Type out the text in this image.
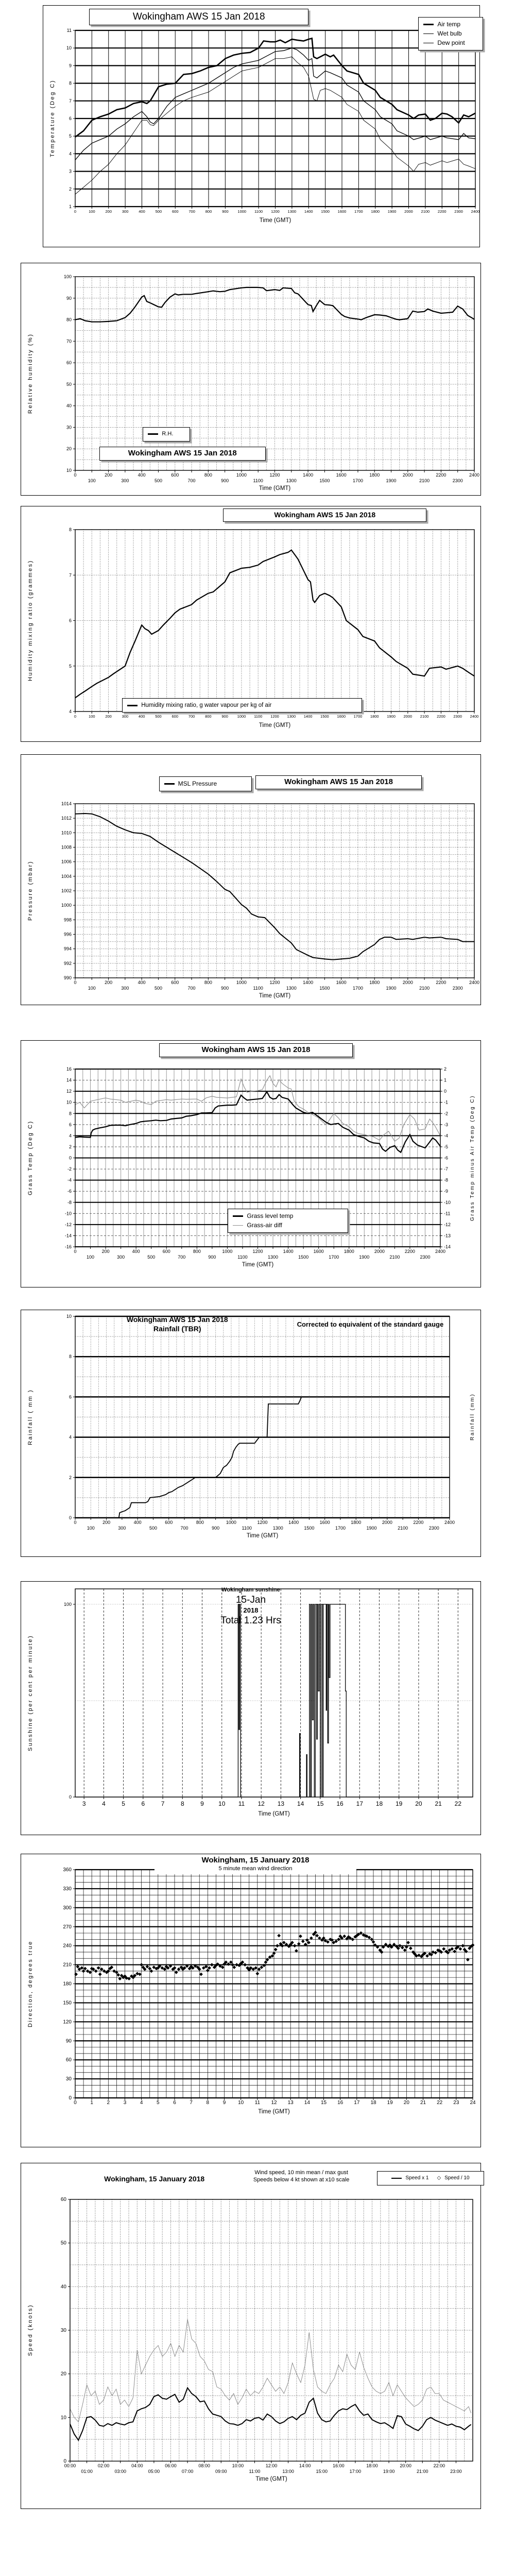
0	100	200	300	400	500	600	700	800	900 1000 1100 1200 1300 1400 1500 1600 1700 1800 1900 2000 2100 2200 2300 2400
1
2
3
4
5
6
7
8
9
10
11
Time (GMT)
Temperature (Deg C)
Wokingham AWS 15 Jan 2018
Air temp
Wet bulb
Dew point
0
100
200
300
400
500
600
700
800
900
1000
1100
1200
1300
1400
1500
1600
1700
1800
1900
2000
2100
2200
2300
2400
10
20
30
40
50
60
70
80
90
100
Time (GMT)
Relative humidity (%)
R.H.
Wokingham AWS 15 Jan 2018
0	100	200	300	400	500	600	700	800	900 1000 1100 1200 1300 1400 1500 1600 1700 1800 1900 2000 2100 2200 2300 2400
4
5
6
7
8
Time (GMT)
Humidity mixing ratio (grammes)
Wokingham AWS 15 Jan 2018
Humidity mixing ratio, g water vapour per kg of air
0
100
200
300
400
500
600
700
800
900
1000
1100
1200
1300
1400
1500
1600
1700
1800
1900
2000
2100
2200
2300
2400
990
992
994
996
998
1000
1002
1004
1006
1008
1010
1012
1014
Time (GMT)
Pressure (mbar)
MSL Pressure	Wokingham AWS 15 Jan 2018
0
100
200
300
400
500
600
700
800
900
1000
1100
1200
1300
1400
1500
1600
1700
1800
1900
2000
2100
2200
2300
2400
-16
-14
-12
-10
-8
-6
-4
-2
0
2
4
6
8
10
12
14
16
-14
-13
-12
-11
-10
-9
-8
-7
-6
-5
-4
-3
-2
-1
0
1
2
Time (GMT)
Grass Temp (Deg C)	Grass Temp minus Air Temp (Deg C)
Wokingham AWS 15 Jan 2018
Grass level temp
Grass-air diff
0
100
200
300
400
500
600
700
800
900
1000
1100
1200
1300
1400
1500
1600
1700
1800
1900
2000
2100
2200
2300
2400
0
2
4
6
8
10
Time (GMT)
Rainfall ( mm )	Rainfall (mm)
Wokingham AWS 15 Jan 2018
Rainfall (TBR)	Corrected to equivalent of the standard gauge
3	4	5	6	7	8	9 10 11 12 13 14 15 16 17 18 19 20 21 22
0
100
Time (GMT)
Sunshine (per cent per minute)
Wokingham sunshine
15-Jan
2018
Total 1.23 Hrs
0	1	2	3	4	5	6	7	8	9 10 11 12 13 14 15 16 17 18 19 20 21 22 23 24
0
30
60
90
120
150
180
210
240
270
300
330
360
Time (GMT)
Direction, degrees true
Wokingham, 15 January 2018
5 minute mean wind direction
00:00
01:00
02:00
03:00
04:00
05:00
06:00
07:00
08:00
09:00
10:00
11:00
12:00
13:00
14:00
15:00
16:00
17:00
18:00
19:00
20:00
21:00
22:00
23:00
0
10
20
30
40
50
60
Time (GMT)
Speed (knots)
Wokingham, 15 January 2018
Wind speed, 10 min mean / max gust
Speeds below 4 kt shown at x10 scale	Speed x 1 ◇ Speed / 10
